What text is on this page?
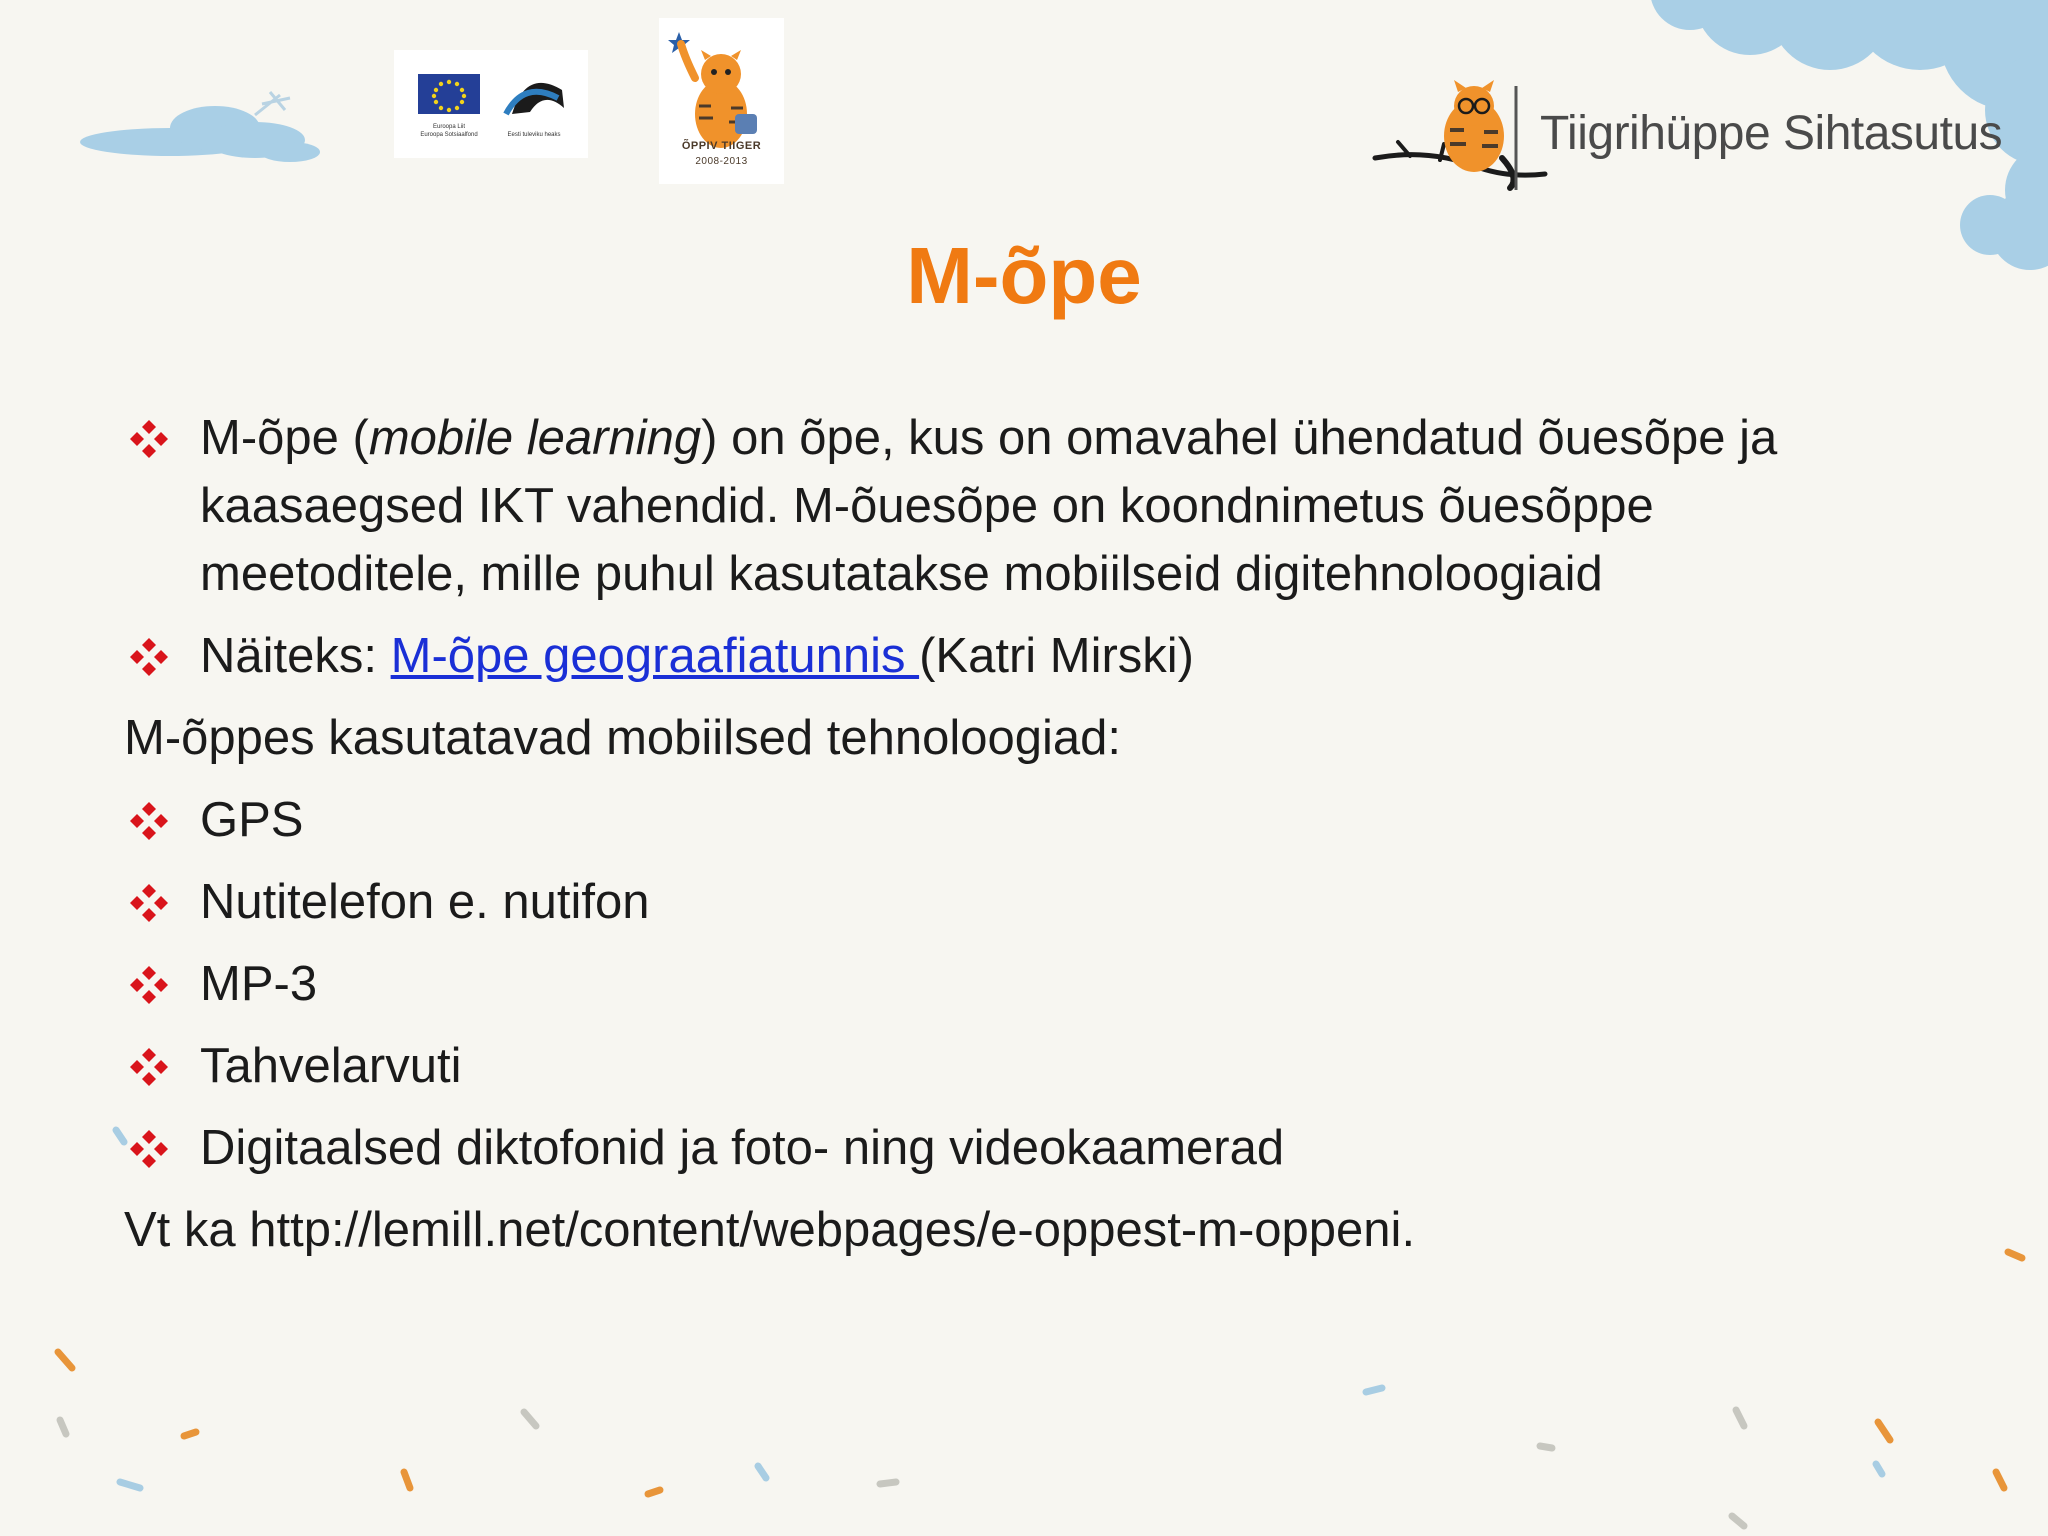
Euroopa Liit
Euroopa Sotsiaalfond	Eesti tuleviku heaks
ÕPPIV TIIGER
2008-2013
Tiigrihüppe Sihtasutus
M-õpe
M-õpe (mobile learning) on õpe, kus on omavahel ühendatud õuesõpe ja kaasaegsed IKT vahendid. M-õuesõpe on koondnimetus õuesõppe meetoditele, mille puhul kasutatakse mobiilseid digitehnoloogiaid
Näiteks: M-õpe geograafiatunnis (Katri Mirski)
M-õppes kasutatavad mobiilsed tehnoloogiad:
GPS
Nutitelefon e. nutifon
MP-3
Tahvelarvuti
Digitaalsed diktofonid ja foto- ning videokaamerad
Vt ka http://lemill.net/content/webpages/e-oppest-m-oppeni.
